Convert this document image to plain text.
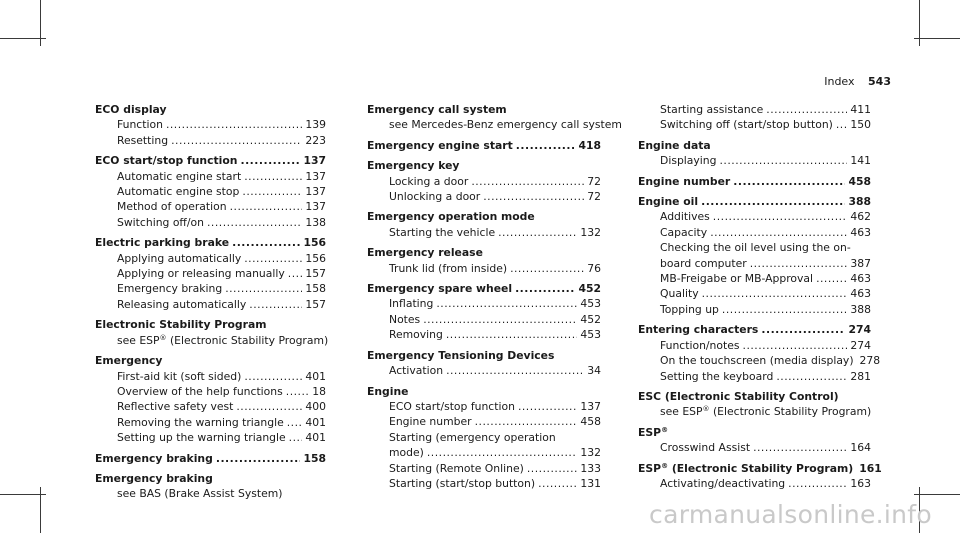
Index 543
ECO display
Function .....	139
Resetting .....	223
ECO start/stop function .....	137
Automatic engine start .....	137
Automatic engine stop .....	137
Method of operation .....	137
Switching off/on .....	138
Electric parking brake .....	156
Applying automatically .....	156
Applying or releasing manually ..... 157
Emergency braking .....	158
Releasing automatically .....	157
Electronic Stability Program
see ESP® (Electronic Stability Program)
Emergency
First-aid kit (soft sided) .....	401
Overview of the help functions .....	18
Reflective safety vest .....	400
Removing the warning triangle ..... 401
Setting up the warning triangle ..... 401
Emergency braking .....	158
Emergency braking
see BAS (Brake Assist System)
Emergency call system
see Mercedes-Benz emergency call system
Emergency engine start .....	418
Emergency key
Locking a door .....	72
Unlocking a door .....	72
Emergency operation mode
Starting the vehicle .....	132
Emergency release
Trunk lid (from inside) .....	76
Emergency spare wheel .....	452
Inflating .....	453
Notes .....	452
Removing .....	453
Emergency Tensioning Devices
Activation .....	34
Engine
ECO start/stop function .....	137
Engine number .....	458
Starting (emergency operation
mode) .....	132
Starting (Remote Online) .....	133
Starting (start/stop button) .....	131
Starting assistance .....	411
Switching off (start/stop button) ..... 150
Engine data
Displaying .....	141
Engine number .....	458
Engine oil .....	388
Additives .....	462
Capacity .....	463
Checking the oil level using the on-
board computer .....	387
MB-Freigabe or MB-Approval .....	463
Quality .....	463
Topping up .....	388
Entering characters .....	274
Function/notes .....	274
On the touchscreen (media display) 278
Setting the keyboard .....	281
ESC (Electronic Stability Control)
see ESP® (Electronic Stability Program)
ESP®
Crosswind Assist .....	164
ESP® (Electronic Stability Program) 161
Activating/deactivating .....	163
carmanualsonline.info
